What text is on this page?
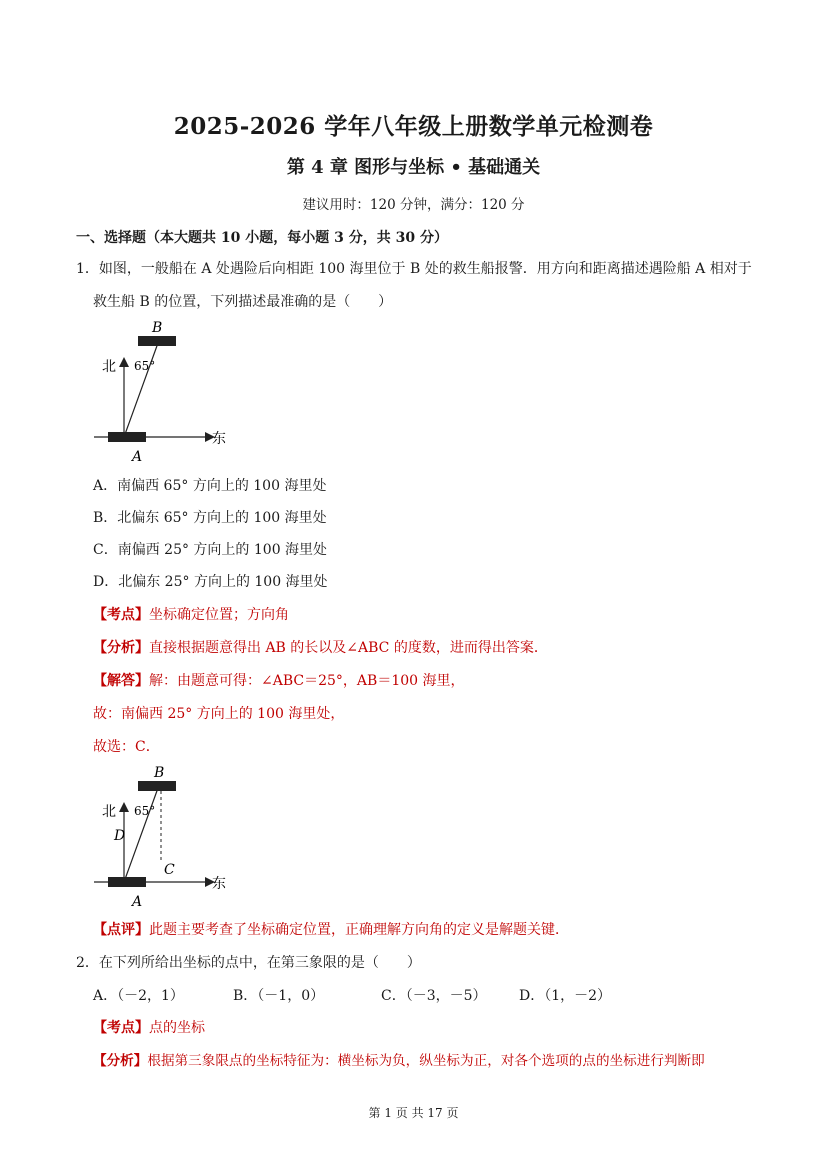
2025-2026 学年八年级上册数学单元检测卷
第 4 章 图形与坐标 • 基础通关
建议用时：120 分钟，满分：120 分
一、选择题（本大题共 10 小题，每小题 3 分，共 30 分）
1．如图，一般船在 A 处遇险后向相距 100 海里位于 B 处的救生船报警．用方向和距离描述遇险船 A 相对于
救生船 B 的位置，下列描述最准确的是（　　）
B
A
北
东
65°
A．南偏西 65° 方向上的 100 海里处
B．北偏东 65° 方向上的 100 海里处
C．南偏西 25° 方向上的 100 海里处
D．北偏东 25° 方向上的 100 海里处
【考点】坐标确定位置；方向角
【分析】直接根据题意得出 AB 的长以及∠ABC 的度数，进而得出答案．
【解答】解：由题意可得：∠ABC＝25°，AB＝100 海里，
故：南偏西 25° 方向上的 100 海里处，
故选：C．
B
A
C
D
北
东
65°
【点评】此题主要考查了坐标确定位置，正确理解方向角的定义是解题关键．
2．在下列所给出坐标的点中，在第三象限的是（　　）
A．（－2，1）	B．（－1，0）	C．（－3，－5） D．（1，－2）
【考点】点的坐标
【分析】根据第三象限点的坐标特征为：横坐标为负，纵坐标为正，对各个选项的点的坐标进行判断即
第 1 页 共 17 页
